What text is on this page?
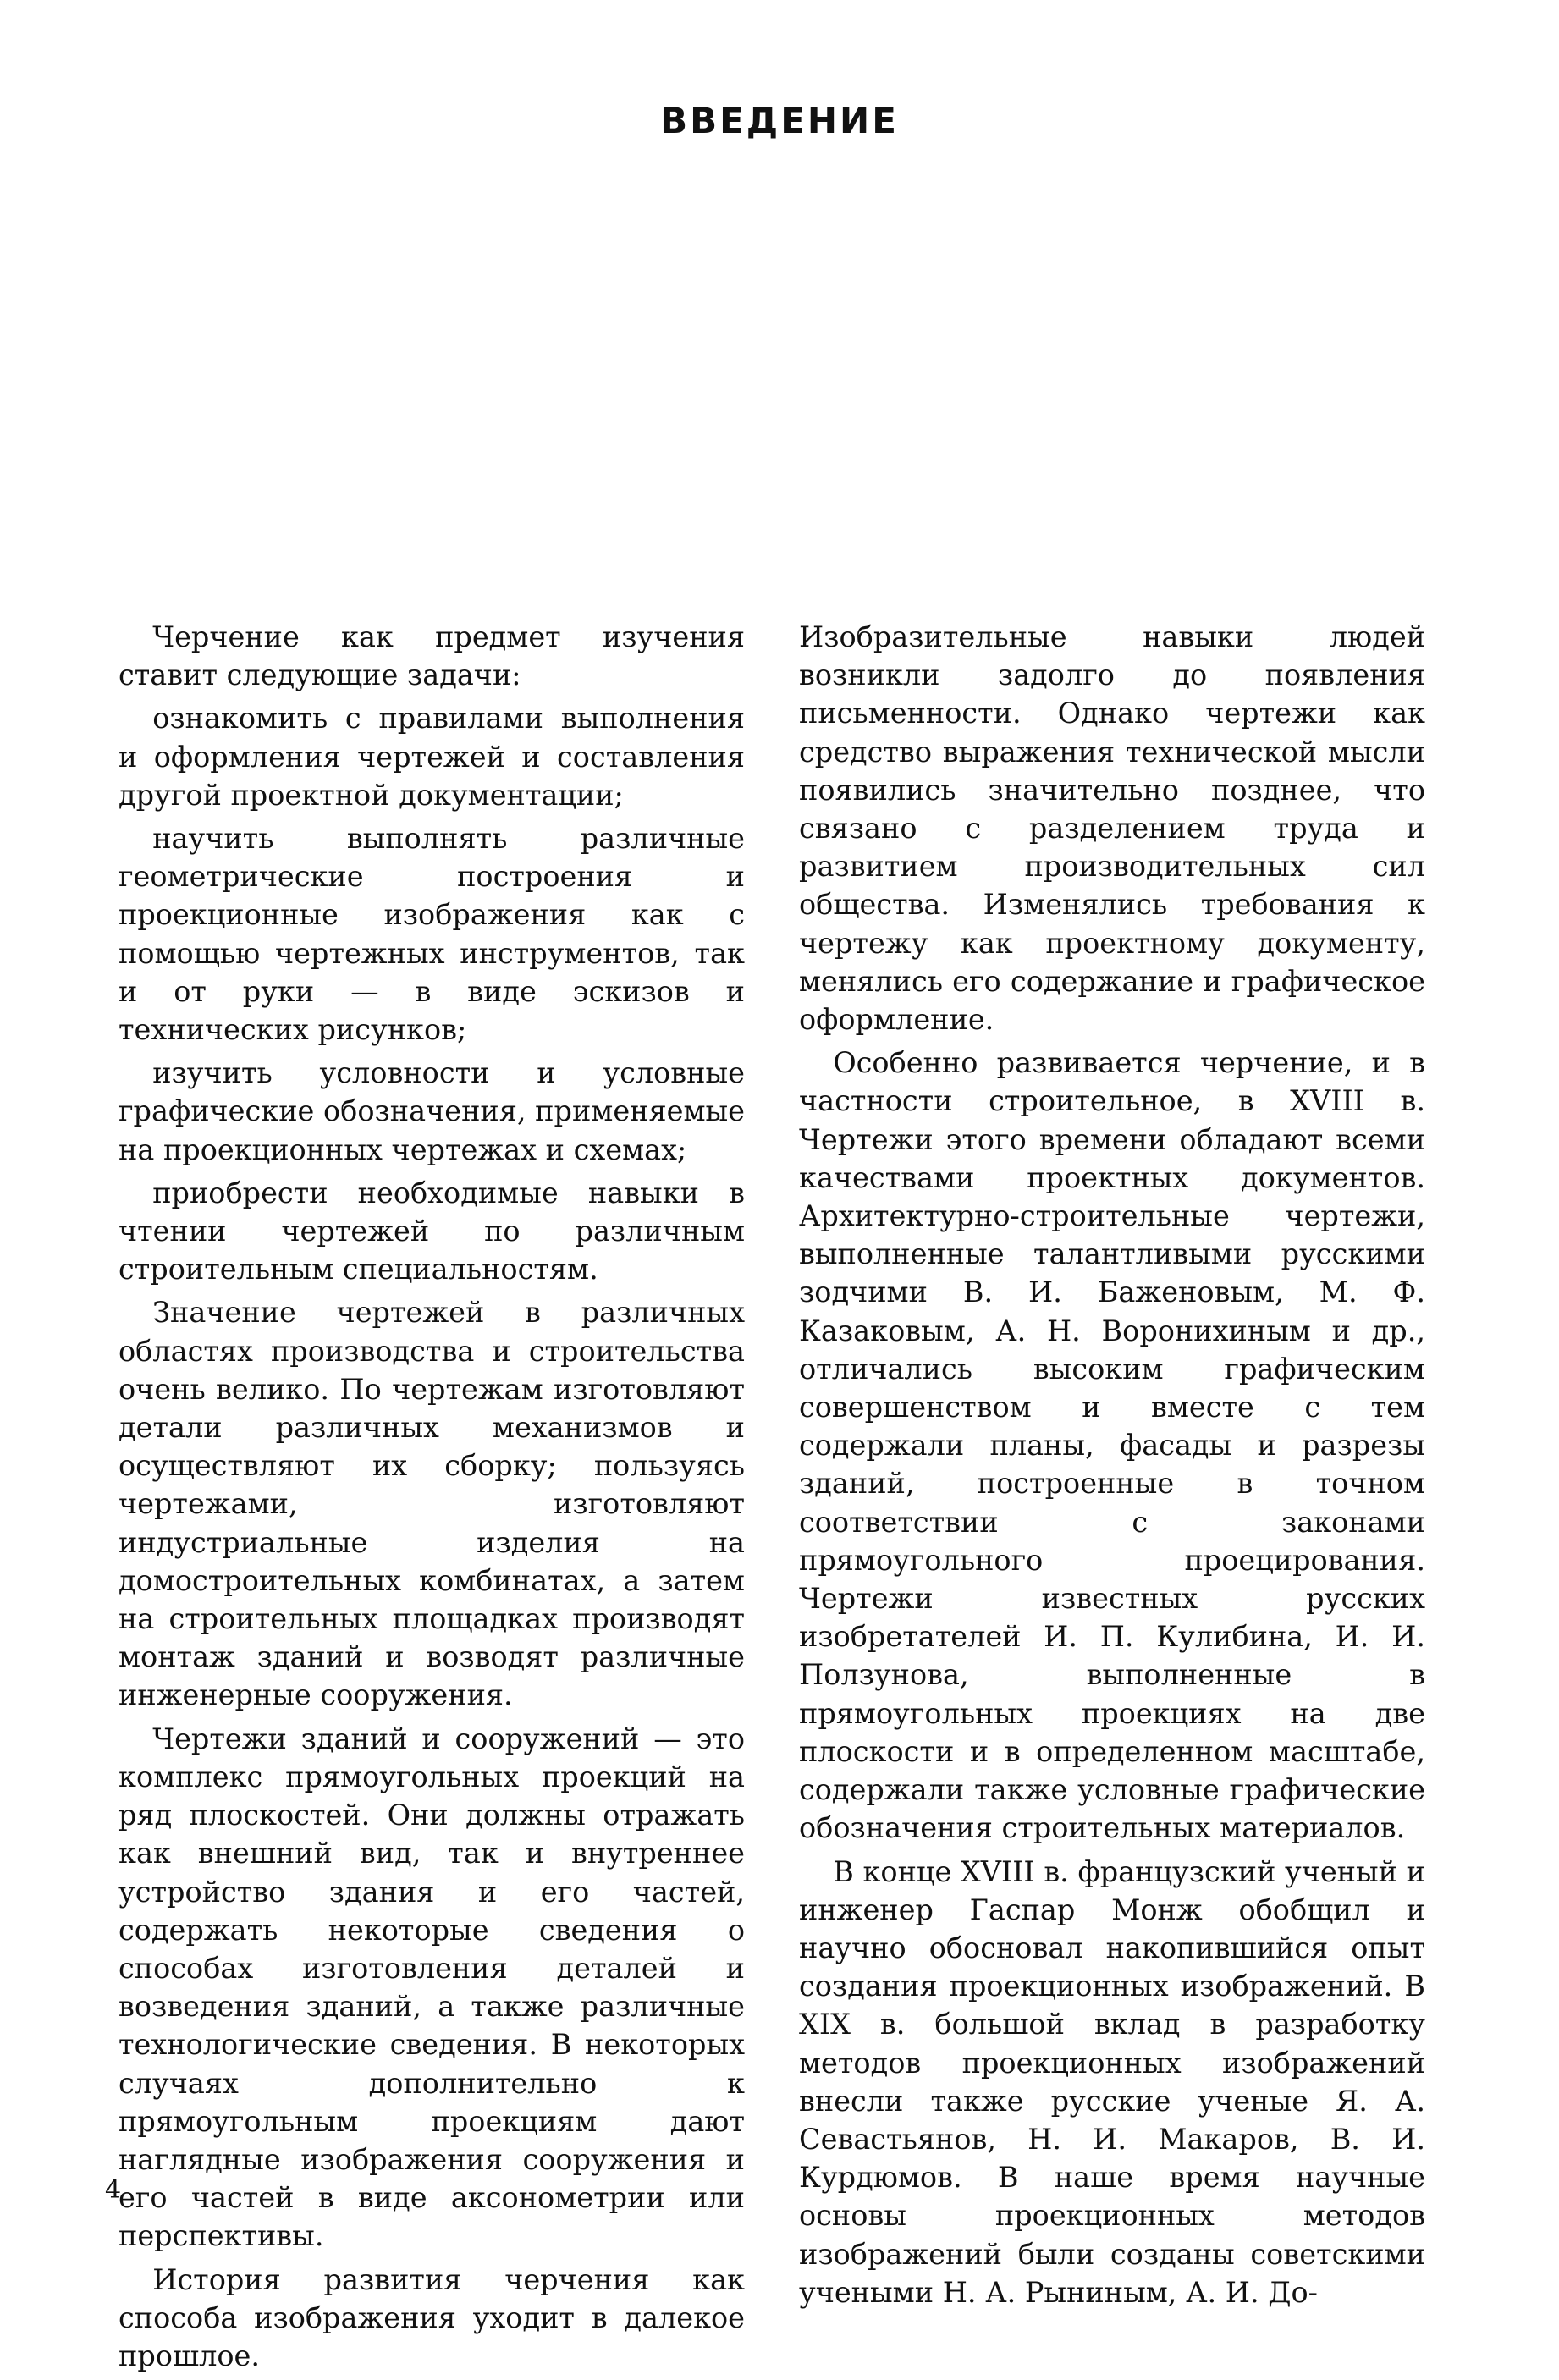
ВВЕДЕНИЕ

Черчение как предмет изучения ставит следующие задачи:

ознакомить с правилами выполнения и оформления чертежей и составления другой проектной документации;

научить выполнять различные геометрические построения и проекционные изображения как с помощью чертежных инструментов, так и от руки — в виде эскизов и технических рисунков;

изучить условности и условные графические обозначения, применяемые на проекционных чертежах и схемах;

приобрести необходимые навыки в чтении чертежей по различным строительным специальностям.

Значение чертежей в различных областях производства и строительства очень велико. По чертежам изготовляют детали различных механизмов и осуществляют их сборку; пользуясь чертежами, изготовляют индустриальные изделия на домостроительных комбинатах, а затем на строительных площадках производят монтаж зданий и возводят различные инженерные сооружения.

Чертежи зданий и сооружений — это комплекс прямоугольных проекций на ряд плоскостей. Они должны отражать как внешний вид, так и внутреннее устройство здания и его частей, содержать некоторые сведения о способах изготовления деталей и возведения зданий, а также различные технологические сведения. В некоторых случаях дополнительно к прямоугольным проекциям дают наглядные изображения сооружения и его частей в виде аксонометрии или перспективы.

История развития черчения как способа изображения уходит в далекое прошлое.

Изобразительные навыки людей возникли задолго до появления письменности. Однако чертежи как средство выражения технической мысли появились значительно позднее, что связано с разделением труда и развитием производительных сил общества. Изменялись требования к чертежу как проектному документу, менялись его содержание и графическое оформление.

Особенно развивается черчение, и в частности строительное, в XVIII в. Чертежи этого времени обладают всеми качествами проектных документов. Архитектурно-строительные чертежи, выполненные талантливыми русскими зодчими В. И. Баженовым, М. Ф. Казаковым, А. Н. Воронихиным и др., отличались высоким графическим совершенством и вместе с тем содержали планы, фасады и разрезы зданий, построенные в точном соответствии с законами прямоугольного проецирования. Чертежи известных русских изобретателей И. П. Кулибина, И. И. Ползунова, выполненные в прямоугольных проекциях на две плоскости и в определенном масштабе, содержали также условные графические обозначения строительных материалов.

В конце XVIII в. французский ученый и инженер Гаспар Монж обобщил и научно обосновал накопившийся опыт создания проекционных изображений. В XIX в. большой вклад в разработку методов проекционных изображений внесли также русские ученые Я. А. Севастьянов, Н. И. Макаров, В. И. Курдюмов. В наше время научные основы проекционных методов изображений были созданы советскими учеными Н. А. Рыниным, А. И. До-

4
